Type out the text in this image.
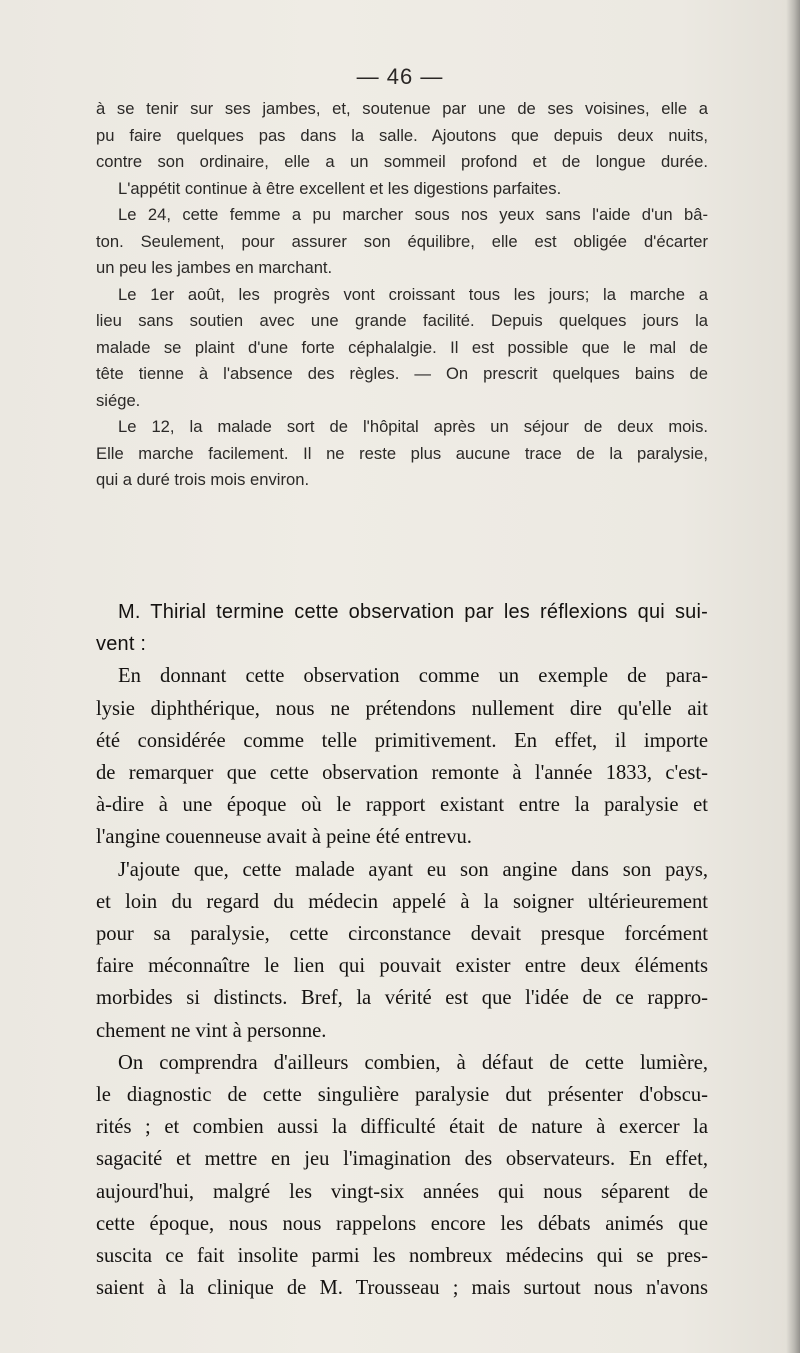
— 46 —
à se tenir sur ses jambes, et, soutenue par une de ses voisines, elle a
pu faire quelques pas dans la salle. Ajoutons que depuis deux nuits,
contre son ordinaire, elle a un sommeil profond et de longue durée.
L'appétit continue à être excellent et les digestions parfaites.
Le 24, cette femme a pu marcher sous nos yeux sans l'aide d'un bâ-
ton. Seulement, pour assurer son équilibre, elle est obligée d'écarter
un peu les jambes en marchant.
Le 1er août, les progrès vont croissant tous les jours; la marche a
lieu sans soutien avec une grande facilité. Depuis quelques jours la
malade se plaint d'une forte céphalalgie. Il est possible que le mal de
tête tienne à l'absence des règles. — On prescrit quelques bains de
siége.
Le 12, la malade sort de l'hôpital après un séjour de deux mois.
Elle marche facilement. Il ne reste plus aucune trace de la paralysie,
qui a duré trois mois environ.
M. Thirial termine cette observation par les réflexions qui sui-
vent :
En donnant cette observation comme un exemple de para-
lysie diphthérique, nous ne prétendons nullement dire qu'elle ait
été considérée comme telle primitivement. En effet, il importe
de remarquer que cette observation remonte à l'année 1833, c'est-
à-dire à une époque où le rapport existant entre la paralysie et
l'angine couenneuse avait à peine été entrevu.
J'ajoute que, cette malade ayant eu son angine dans son pays,
et loin du regard du médecin appelé à la soigner ultérieurement
pour sa paralysie, cette circonstance devait presque forcément
faire méconnaître le lien qui pouvait exister entre deux éléments
morbides si distincts. Bref, la vérité est que l'idée de ce rappro-
chement ne vint à personne.
On comprendra d'ailleurs combien, à défaut de cette lumière,
le diagnostic de cette singulière paralysie dut présenter d'obscu-
rités ; et combien aussi la difficulté était de nature à exercer la
sagacité et mettre en jeu l'imagination des observateurs. En effet,
aujourd'hui, malgré les vingt-six années qui nous séparent de
cette époque, nous nous rappelons encore les débats animés que
suscita ce fait insolite parmi les nombreux médecins qui se pres-
saient à la clinique de M. Trousseau ; mais surtout nous n'avons
